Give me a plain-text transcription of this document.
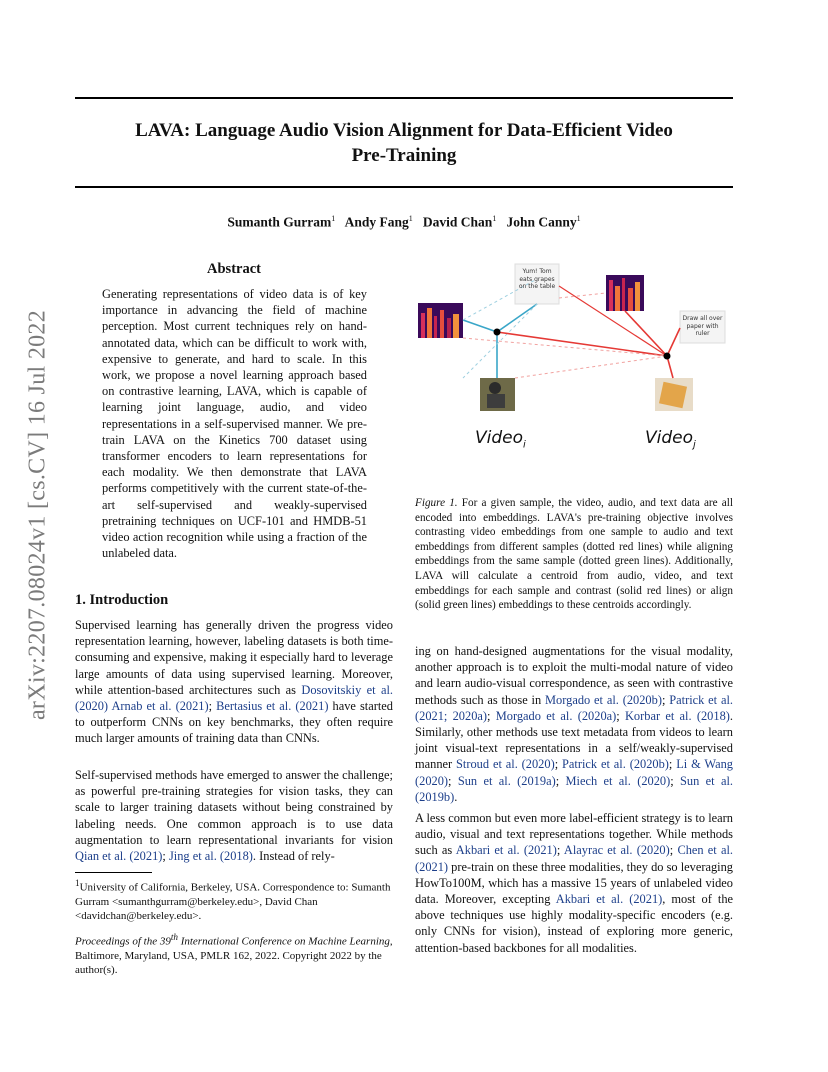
LAVA: Language Audio Vision Alignment for Data-Efficient Video
Pre-Training
Sumanth Gurram$^1$ Andy Fang$^1$ David Chan$^1$ John Canny$^1$
arXiv:2207.08024v1 [cs.CV] 16 Jul 2022
Abstract
Generating representations of video data is of key importance in advancing the field of machine perception. Most current techniques rely on hand-annotated data, which can be difficult to work with, expensive to generate, and hard to scale. In this work, we propose a novel learning approach based on contrastive learning, LAVA, which is capable of learning joint language, audio, and video representations in a self-supervised manner. We pre-train LAVA on the Kinetics 700 dataset using transformer encoders to learn representations for each modality. We then demonstrate that LAVA performs competitively with the current state-of-the-art self-supervised and weakly-supervised pretraining techniques on UCF-101 and HMDB-51 video action recognition while using a fraction of the unlabeled data.
1. Introduction
Supervised learning has generally driven the progress video representation learning, however, labeling datasets is both time-consuming and expensive, making it especially hard to leverage large amounts of data using supervised learning. Moreover, while attention-based architectures such as Dosovitskiy et al. (2020) Arnab et al. (2021); Bertasius et al. (2021) have started to outperform CNNs on key benchmarks, they often require much larger amounts of training data than CNNs.
Self-supervised methods have emerged to answer the challenge; as powerful pre-training strategies for vision tasks, they can scale to larger training datasets without being constrained by labeling needs. One common approach is to use data augmentation to learn representational invariants for vision Qian et al. (2021); Jing et al. (2018). Instead of rely-
$^1$University of California, Berkeley, USA. Correspondence to: Sumanth Gurram <sumanthgurram@berkeley.edu>, David Chan <davidchan@berkeley.edu>.
Proceedings of the 39th International Conference on Machine Learning, Baltimore, Maryland, USA, PMLR 162, 2022. Copyright 2022 by the author(s).
Yum! Tom eats grapes on the table
Draw all over paper with ruler
Video$_i$	Video$_j$
Figure 1. For a given sample, the video, audio, and text data are all encoded into embeddings. LAVA's pre-training objective involves contrasting video embeddings from one sample to audio and text embeddings from different samples (dotted red lines) while aligning embeddings from the same sample (dotted green lines). Additionally, LAVA will calculate a centroid from audio, video, and text embeddings for each sample and contrast (solid red lines) or align (solid green lines) embeddings to these centroids accordingly.
ing on hand-designed augmentations for the visual modality, another approach is to exploit the multi-modal nature of video and learn audio-visual correspondence, as seen with contrastive methods such as those in Morgado et al. (2020b); Patrick et al. (2021; 2020a); Morgado et al. (2020a); Korbar et al. (2018). Similarly, other methods use text metadata from videos to learn joint visual-text representations in a self/weakly-supervised manner Stroud et al. (2020); Patrick et al. (2020b); Li & Wang (2020); Sun et al. (2019a); Miech et al. (2020); Sun et al. (2019b).
A less common but even more label-efficient strategy is to learn audio, visual and text representations together. While methods such as Akbari et al. (2021); Alayrac et al. (2020); Chen et al. (2021) pre-train on these three modalities, they do so leveraging HowTo100M, which has a massive 15 years of unlabeled video data. Moreover, excepting Akbari et al. (2021), most of the above techniques use highly modality-specific encoders (e.g. only CNNs for vision), instead of exploring more generic, attention-based backbones for all modalities.
